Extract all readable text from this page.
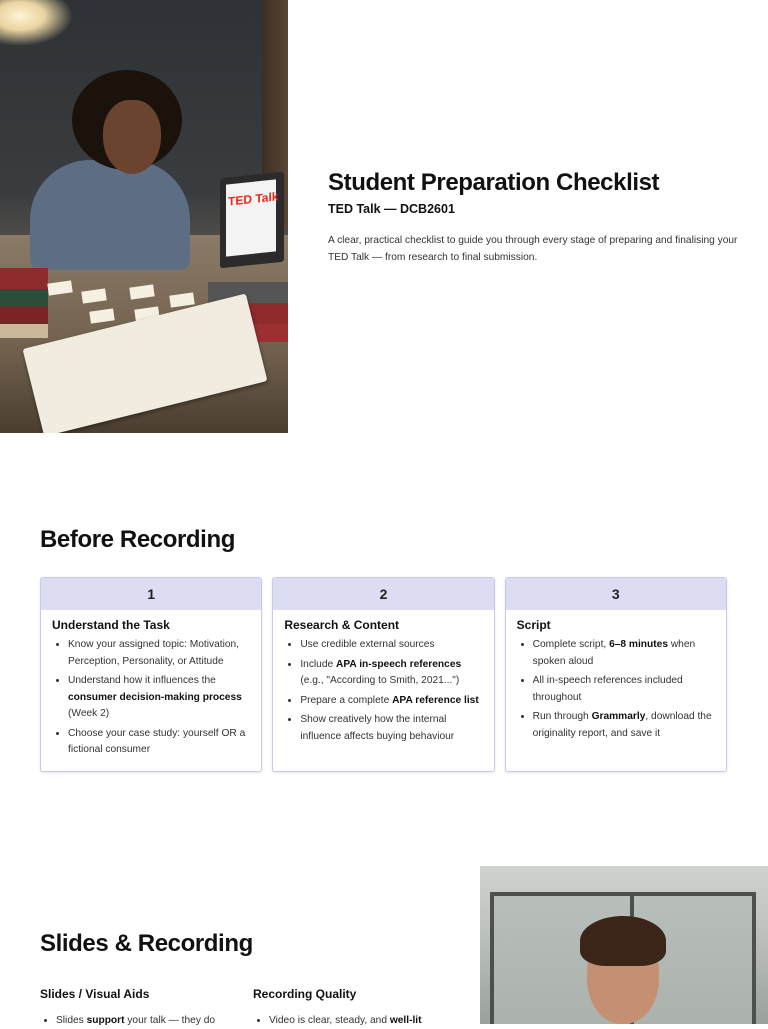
TED Talk
Student Preparation Checklist
TED Talk — DCB2601
A clear, practical checklist to guide you through every stage of preparing and finalising your TED Talk — from research to final submission.
Before Recording
1
Understand the Task
• Know your assigned topic: Motivation, Perception, Personality, or Attitude
• Understand how it influences the consumer decision-making process (Week 2)
• Choose your case study: yourself OR a fictional consumer
2
Research & Content
• Use credible external sources
• Include APA in-speech references (e.g., "According to Smith, 2021...")
• Prepare a complete APA reference list
• Show creatively how the internal influence affects buying behaviour
3
Script
• Complete script, 6–8 minutes when spoken aloud
• All in-speech references included throughout
• Run through Grammarly, download the originality report, and save it
Slides & Recording
Slides / Visual Aids
• Slides support your talk — they do
Recording Quality
• Video is clear, steady, and well-lit
